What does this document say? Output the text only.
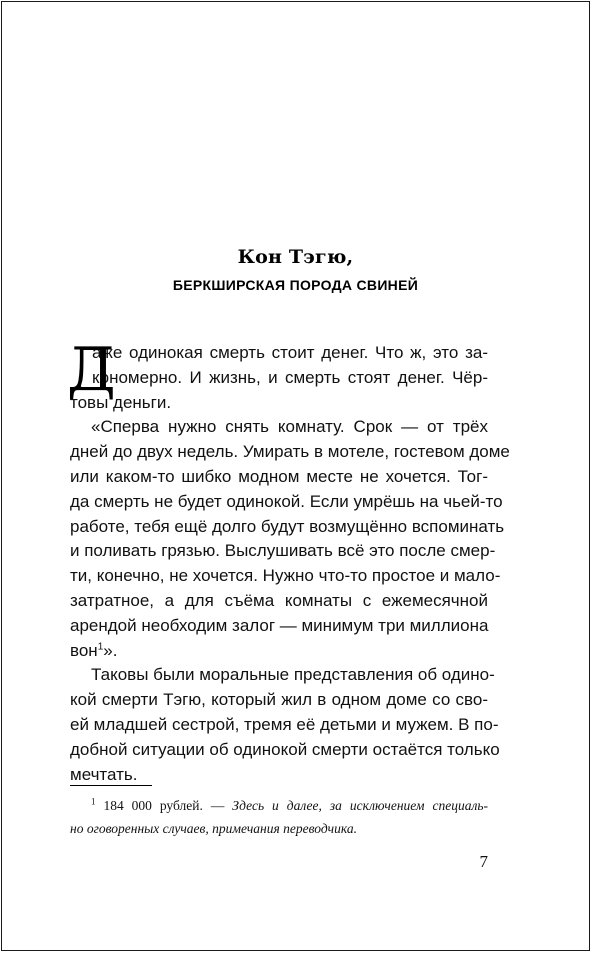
Кон Тэгю,
БЕРКШИРСКАЯ ПОРОДА СВИНЕЙ
Д
аже одинокая смерть стоит денег. Что ж, это за-
кономерно. И жизнь, и смерть стоят денег. Чёр-
товы деньги.
«Сперва нужно снять комнату. Срок — от трёх
дней до двух недель. Умирать в мотеле, гостевом доме
или каком-то шибко модном месте не хочется. Тог-
да смерть не будет одинокой. Если умрёшь на чьей-то
работе, тебя ещё долго будут возмущённо вспоминать
и поливать грязью. Выслушивать всё это после смер-
ти, конечно, не хочется. Нужно что-то простое и мало-
затратное, а для съёма комнаты с ежемесячной
арендой необходим залог — минимум три миллиона
вон$^1$».
Таковы были моральные представления об одино-
кой смерти Тэгю, который жил в одном доме со сво-
ей младшей сестрой, тремя её детьми и мужем. В по-
добной ситуации об одинокой смерти остаётся только
мечтать.
$^1$ 184 000 рублей. — Здесь и далее, за исключением специаль-
но оговоренных случаев, примечания переводчика.
7
